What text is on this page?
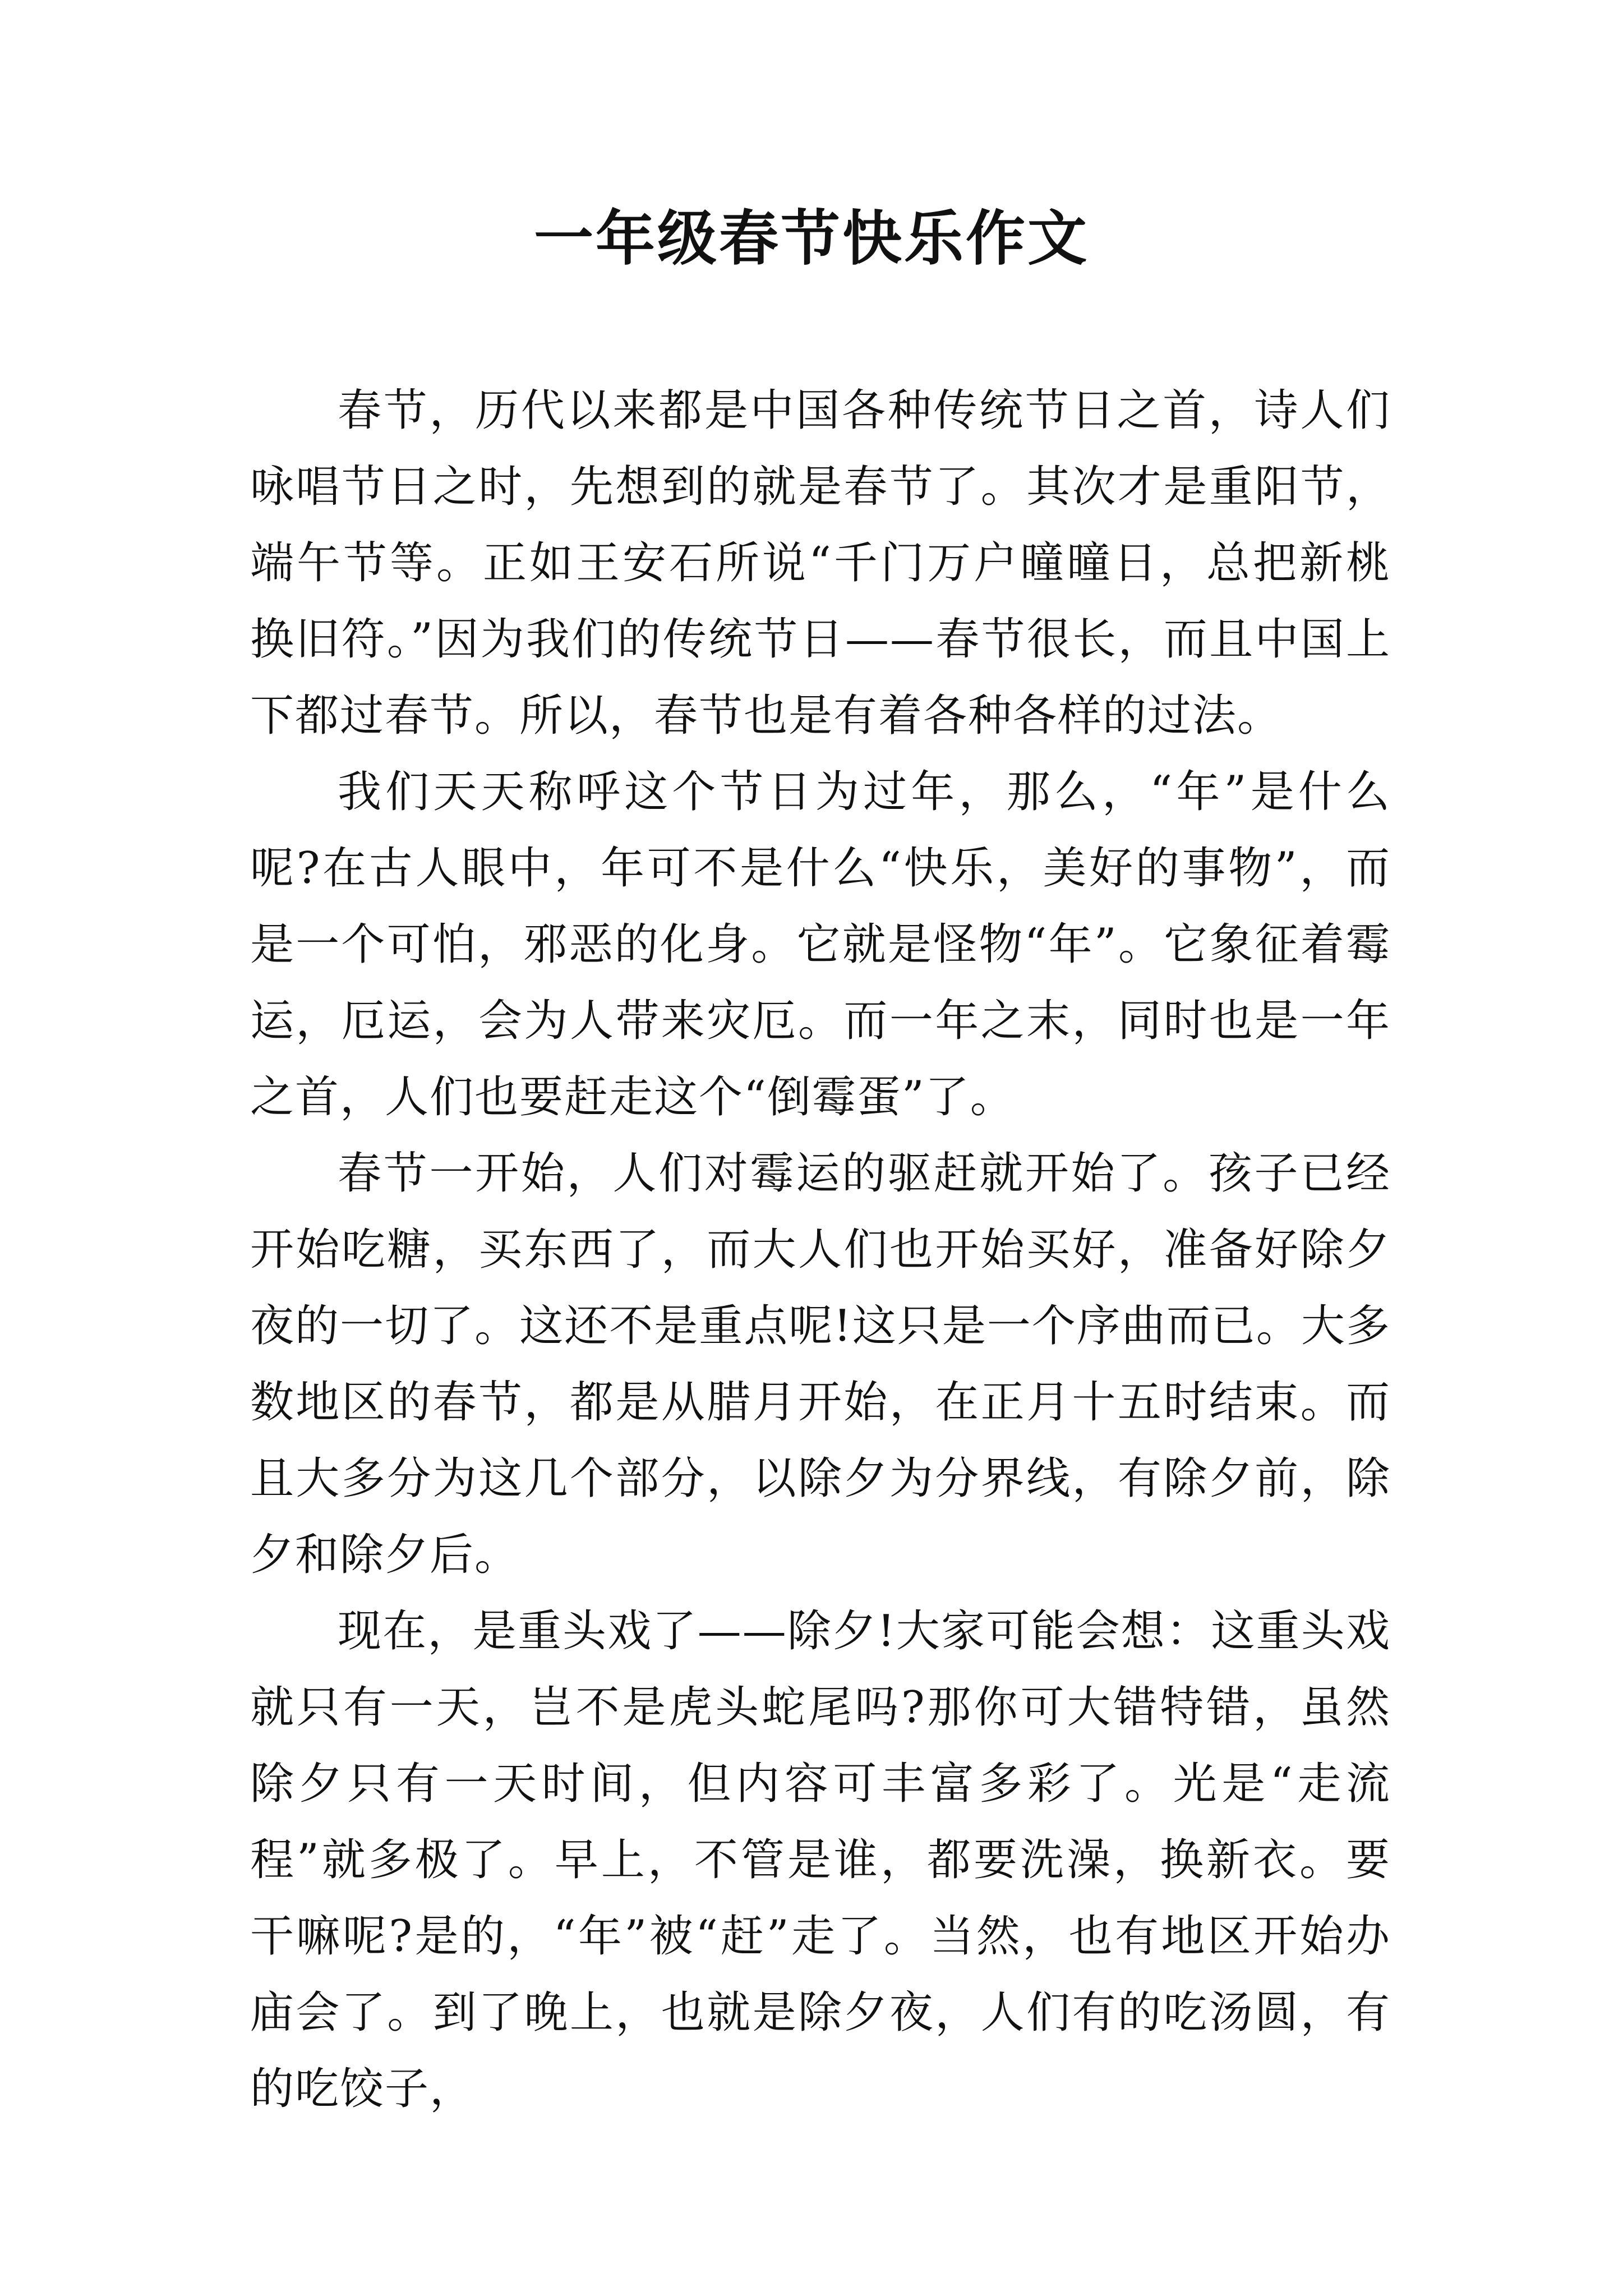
一年级春节快乐作文

春节，历代以来都是中国各种传统节日之首，诗人们咏唱节日之时，先想到的就是春节了。其次才是重阳节，端午节等。正如王安石所说“千门万户曈曈日，总把新桃换旧符。”因为我们的传统节日——春节很长，而且中国上下都过春节。所以，春节也是有着各种各样的过法。

我们天天称呼这个节日为过年，那么，“年”是什么呢?在古人眼中，年可不是什么“快乐，美好的事物”，而是一个可怕，邪恶的化身。它就是怪物“年”。它象征着霉运，厄运，会为人带来灾厄。而一年之末，同时也是一年之首，人们也要赶走这个“倒霉蛋”了。

春节一开始，人们对霉运的驱赶就开始了。孩子已经开始吃糖，买东西了，而大人们也开始买好，准备好除夕夜的一切了。这还不是重点呢!这只是一个序曲而已。大多数地区的春节，都是从腊月开始，在正月十五时结束。而且大多分为这几个部分，以除夕为分界线，有除夕前，除夕和除夕后。

现在，是重头戏了——除夕!大家可能会想：这重头戏就只有一天，岂不是虎头蛇尾吗?那你可大错特错，虽然除夕只有一天时间，但内容可丰富多彩了。光是“走流程”就多极了。早上，不管是谁，都要洗澡，换新衣。要干嘛呢?是的，“年”被“赶”走了。当然，也有地区开始办庙会了。到了晚上，也就是除夕夜，人们有的吃汤圆，有的吃饺子，
